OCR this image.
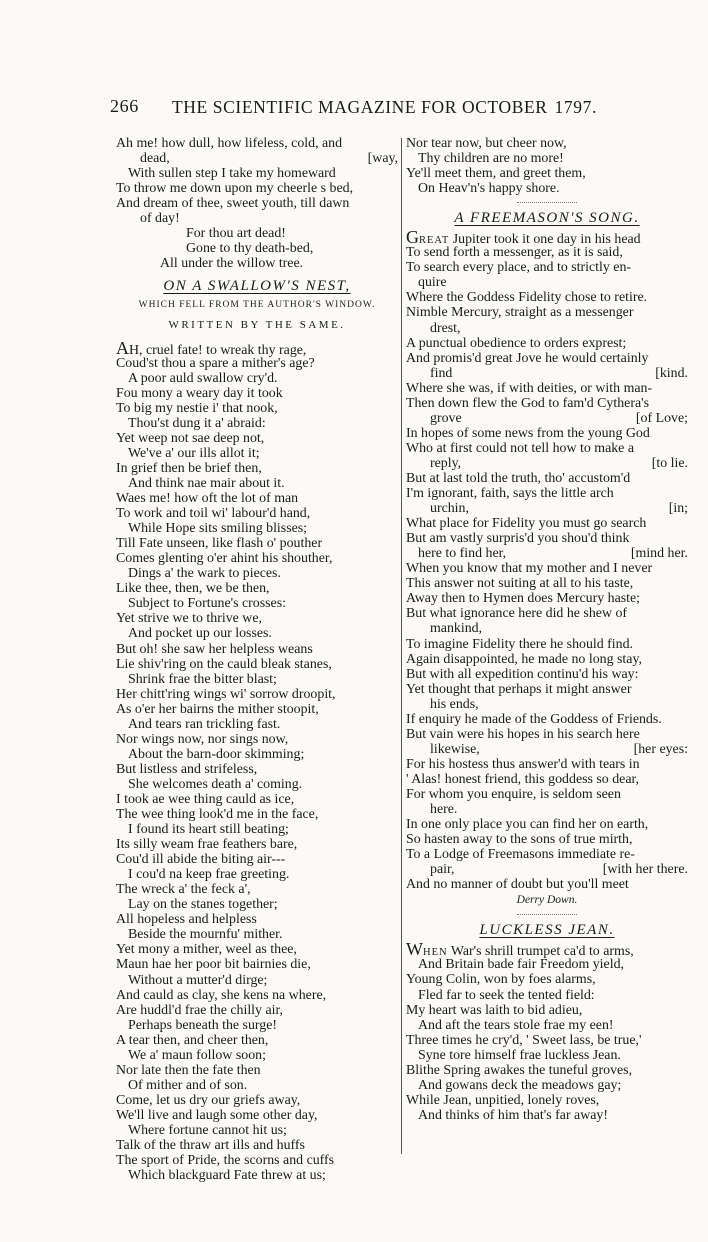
266 THE SCIENTIFIC MAGAZINE FOR OCTOBER 1797.
Ah me! how dull, how lifeless, cold, and
dead,	[way,
With sullen step I take my homeward
To throw me down upon my cheerle s bed,
And dream of thee, sweet youth, till dawn
of day!
For thou art dead!
Gone to thy death-bed,
All under the willow tree.
ON A SWALLOW'S NEST,
WHICH FELL FROM THE AUTHOR'S WINDOW.
WRITTEN BY THE SAME.
AH, cruel fate! to wreak thy rage,
Coud'st thou a spare a mither's age?
A poor auld swallow cry'd.
Fou mony a weary day it took
To big my nestie i' that nook,
Thou'st dung it a' abraid:
Yet weep not sae deep not,
We've a' our ills allot it;
In grief then be brief then,
And think nae mair about it.
Waes me! how oft the lot of man
To work and toil wi' labour'd hand,
While Hope sits smiling blisses;
Till Fate unseen, like flash o' pouther
Comes glenting o'er ahint his shouther,
Dings a' the wark to pieces.
Like thee, then, we be then,
Subject to Fortune's crosses:
Yet strive we to thrive we,
And pocket up our losses.
But oh! she saw her helpless weans
Lie shiv'ring on the cauld bleak stanes,
Shrink frae the bitter blast;
Her chitt'ring wings wi' sorrow droopit,
As o'er her bairns the mither stoopit,
And tears ran trickling fast.
Nor wings now, nor sings now,
About the barn-door skimming;
But listless and strifeless,
She welcomes death a' coming.
I took ae wee thing cauld as ice,
The wee thing look'd me in the face,
I found its heart still beating;
Its silly weam frae feathers bare,
Cou'd ill abide the biting air---
I cou'd na keep frae greeting.
The wreck a' the feck a',
Lay on the stanes together;
All hopeless and helpless
Beside the mournfu' mither.
Yet mony a mither, weel as thee,
Maun hae her poor bit bairnies die,
Without a mutter'd dirge;
And cauld as clay, she kens na where,
Are huddl'd frae the chilly air,
Perhaps beneath the surge!
A tear then, and cheer then,
We a' maun follow soon;
Nor late then the fate then
Of mither and of son.
Come, let us dry our griefs away,
We'll live and laugh some other day,
Where fortune cannot hit us;
Talk of the thraw art ills and huffs
The sport of Pride, the scorns and cuffs
Which blackguard Fate threw at us;
Nor tear now, but cheer now,
Thy children are no more!
Ye'll meet them, and greet them,
On Heav'n's happy shore.
A FREEMASON'S SONG.
GREAT Jupiter took it one day in his head
To send forth a messenger, as it is said,
To search every place, and to strictly en-
quire
Where the Goddess Fidelity chose to retire.
Nimble Mercury, straight as a messenger
drest,
A punctual obedience to orders exprest;
And promis'd great Jove he would certainly
find	[kind.
Where she was, if with deities, or with man-
Then down flew the God to fam'd Cythera's
grove	[of Love;
In hopes of some news from the young God
Who at first could not tell how to make a
reply,	[to lie.
But at last told the truth, tho' accustom'd
I'm ignorant, faith, says the little arch
urchin,	[in;
What place for Fidelity you must go search
But am vastly surpris'd you shou'd think
here to find her,	[mind her.
When you know that my mother and I never
This answer not suiting at all to his taste,
Away then to Hymen does Mercury haste;
But what ignorance here did he shew of
mankind,
To imagine Fidelity there he should find.
Again disappointed, he made no long stay,
But with all expedition continu'd his way:
Yet thought that perhaps it might answer
his ends,
If enquiry he made of the Goddess of Friends.
But vain were his hopes in his search here
likewise,	[her eyes:
For his hostess thus answer'd with tears in
' Alas! honest friend, this goddess so dear,
For whom you enquire, is seldom seen
here.
In one only place you can find her on earth,
So hasten away to the sons of true mirth,
To a Lodge of Freemasons immediate re-
pair,	[with her there.
And no manner of doubt but you'll meet
Derry Down.
LUCKLESS JEAN.
WHEN War's shrill trumpet ca'd to arms,
And Britain bade fair Freedom yield,
Young Colin, won by foes alarms,
Fled far to seek the tented field:
My heart was laith to bid adieu,
And aft the tears stole frae my een!
Three times he cry'd, ' Sweet lass, be true,'
Syne tore himself frae luckless Jean.
Blithe Spring awakes the tuneful groves,
And gowans deck the meadows gay;
While Jean, unpitied, lonely roves,
And thinks of him that's far away!
